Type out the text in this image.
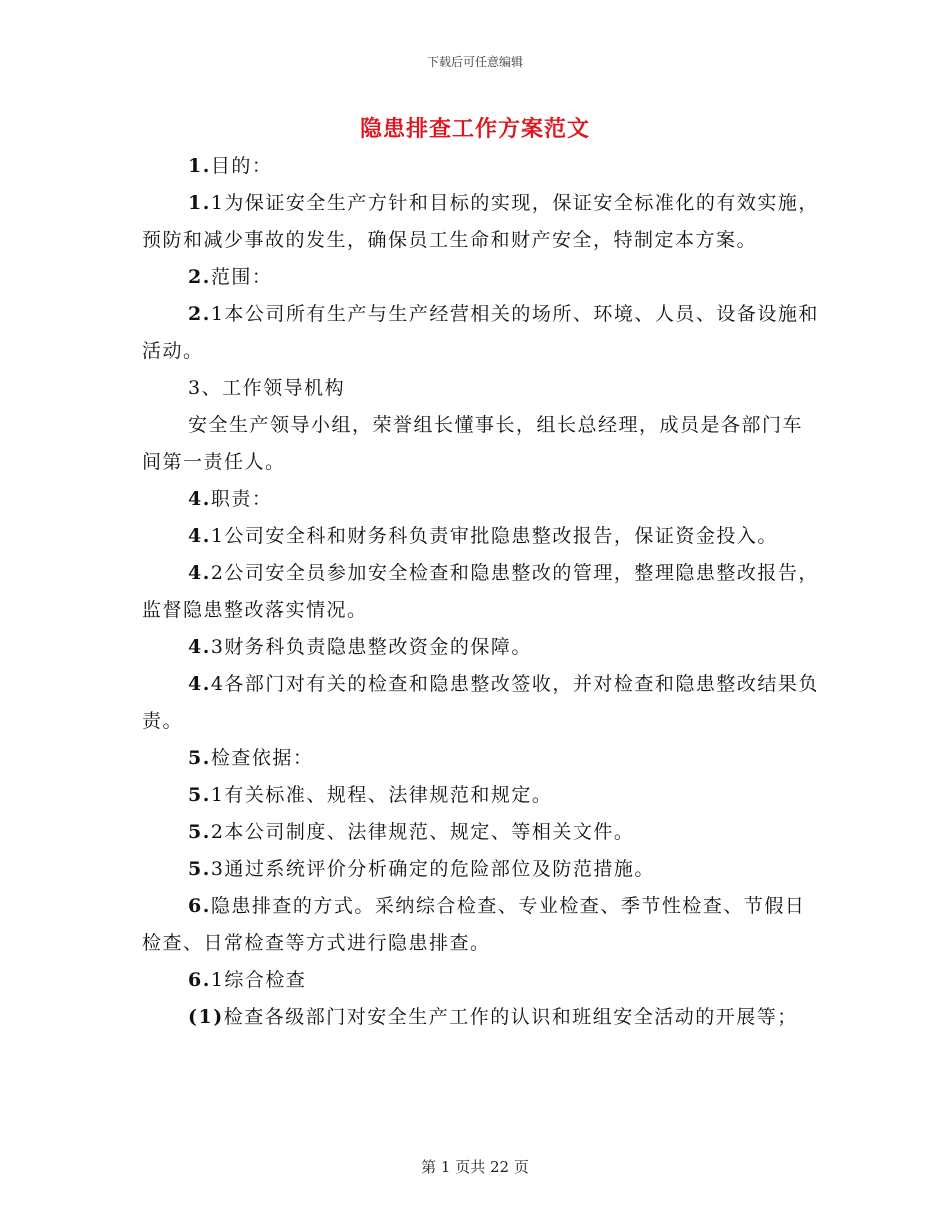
下载后可任意编辑
隐患排查工作方案范文

1.目的：

1.1为保证安全生产方针和目标的实现，保证安全标准化的有效实施，预防和减少事故的发生，确保员工生命和财产安全，特制定本方案。

2.范围：

2.1本公司所有生产与生产经营相关的场所、环境、人员、设备设施和活动。

3、工作领导机构

安全生产领导小组，荣誉组长懂事长，组长总经理，成员是各部门车间第一责任人。

4.职责：

4.1公司安全科和财务科负责审批隐患整改报告，保证资金投入。

4.2公司安全员参加安全检查和隐患整改的管理，整理隐患整改报告，监督隐患整改落实情况。

4.3财务科负责隐患整改资金的保障。

4.4各部门对有关的检查和隐患整改签收，并对检查和隐患整改结果负责。

5.检查依据：

5.1有关标准、规程、法律规范和规定。

5.2本公司制度、法律规范、规定、等相关文件。

5.3通过系统评价分析确定的危险部位及防范措施。

6.隐患排查的方式。采纳综合检查、专业检查、季节性检查、节假日检查、日常检查等方式进行隐患排查。

6.1综合检查

(1)检查各级部门对安全生产工作的认识和班组安全活动的开展等；

第 1 页共 22 页
